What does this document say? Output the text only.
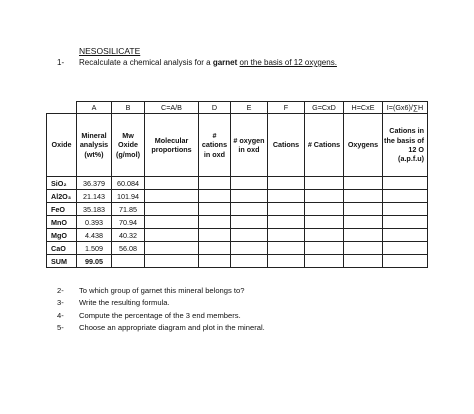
NESOSILICATE
1- Recalculate a chemical analysis for a garnet on the basis of 12 oxygens.
	A	B	C=A/B	D	E	F	G=CxD	H=CxE	I=(Gx6)/∑H
Oxide	Mineral analysis (wt%)	Mw Oxide (g/mol)	Molecular proportions	# cations in oxd	# oxygen in oxd	Cations	# Cations	Oxygens	Cations in the basis of 12 O (a.p.f.u)
SiO₂	36.379	60.084							
Al2O₃	21.143	101.94							
FeO	35.183	71.85							
MnO	0.393	70.94							
MgO	4.438	40.32							
CaO	1.509	56.08							
SUM	99.05								
2- To which group of garnet this mineral belongs to?
3- Write the resulting formula.
4- Compute the percentage of the 3 end members.
5- Choose an appropriate diagram and plot in the mineral.
